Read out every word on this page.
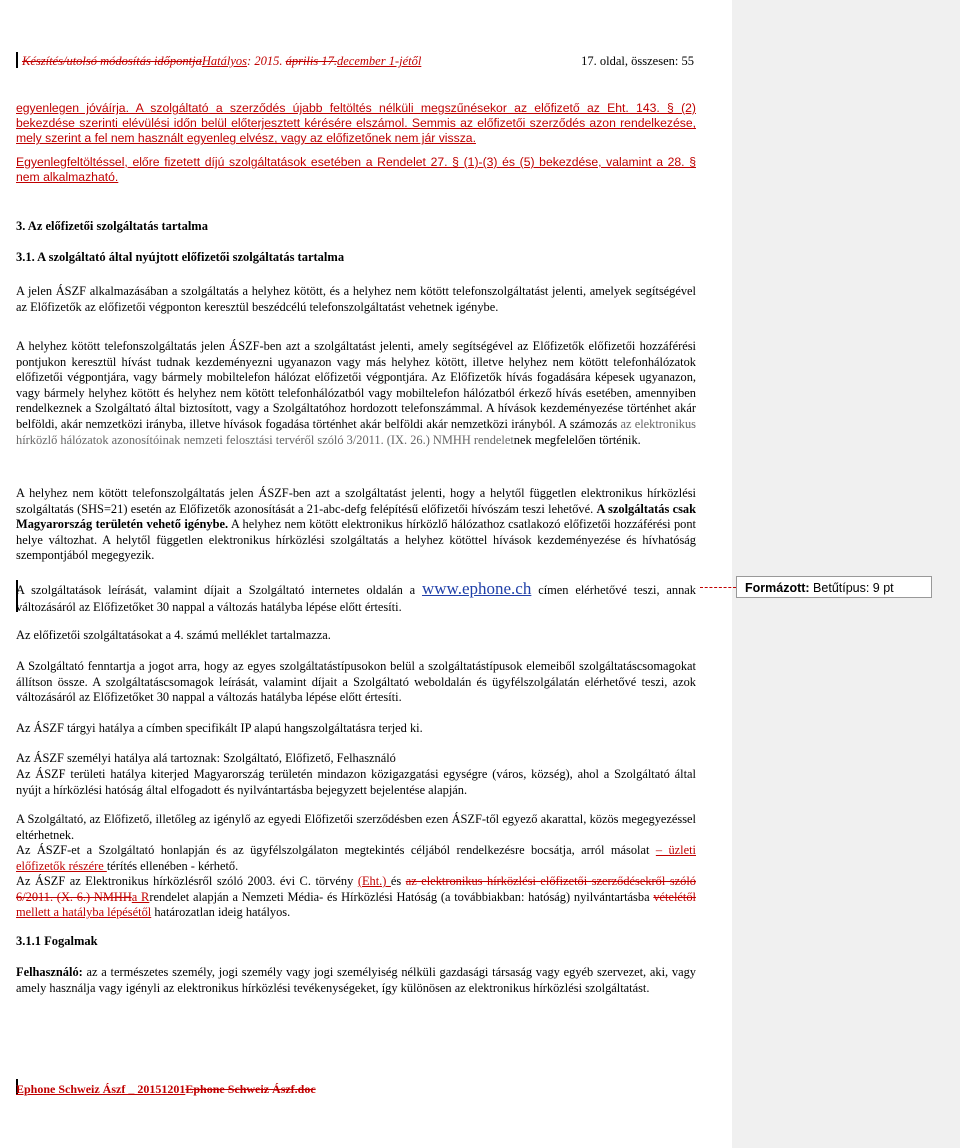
Készítés/utolsó módosítás időpontjaHatályos: 2015. április 17.december 1-jétől	17. oldal, összesen: 55
egyenlegen jóváírja. A szolgáltató a szerződés újabb feltöltés nélküli megszűnésekor az előfizető az Eht. 143. § (2) bekezdése szerinti elévülési időn belül előterjesztett kérésére elszámol. Semmis az előfizetői szerződés azon rendelkezése, mely szerint a fel nem használt egyenleg elvész, vagy az előfizetőnek nem jár vissza.
Egyenlegfeltöltéssel, előre fizetett díjú szolgáltatások esetében a Rendelet 27. § (1)-(3) és (5) bekezdése, valamint a 28. § nem alkalmazható.
3. Az előfizetői szolgáltatás tartalma
3.1. A szolgáltató által nyújtott előfizetői szolgáltatás tartalma
A jelen ÁSZF alkalmazásában a szolgáltatás a helyhez kötött, és a helyhez nem kötött telefonszolgáltatást jelenti, amelyek segítségével az Előfizetők az előfizetői végponton keresztül beszédcélú telefonszolgáltatást vehetnek igénybe.
A helyhez kötött telefonszolgáltatás jelen ÁSZF-ben azt a szolgáltatást jelenti, amely segítségével az Előfizetők előfizetői hozzáférési pontjukon keresztül hívást tudnak kezdeményezni ugyanazon vagy más helyhez kötött, illetve helyhez nem kötött telefonhálózatok előfizetői végpontjára, vagy bármely mobiltelefon hálózat előfizetői végpontjára. Az Előfizetők hívás fogadására képesek ugyanazon, vagy bármely helyhez kötött és helyhez nem kötött telefonhálózatból vagy mobiltelefon hálózatból érkező hívás esetében, amennyiben rendelkeznek a Szolgáltató által biztosított, vagy a Szolgáltatóhoz hordozott telefonszámmal. A hívások kezdeményezése történhet akár belföldi, akár nemzetközi irányba, illetve hívások fogadása történhet akár belföldi akár nemzetközi irányból. A számozás az elektronikus hírközlő hálózatok azonosítóinak nemzeti felosztási tervéről szóló 3/2011. (IX. 26.) NMHH rendeletnek megfelelően történik.
A helyhez nem kötött telefonszolgáltatás jelen ÁSZF-ben azt a szolgáltatást jelenti, hogy a helytől független elektronikus hírközlési szolgáltatás (SHS=21) esetén az Előfizetők azonosítását a 21-abc-defg felépítésű előfizetői hívószám teszi lehetővé. A szolgáltatás csak Magyarország területén vehető igénybe. A helyhez nem kötött elektronikus hírközlő hálózathoz csatlakozó előfizetői hozzáférési pont helye változhat. A helytől független elektronikus hírközlési szolgáltatás a helyhez kötöttel hívások kezdeményezése és hívhatóság szempontjából megegyezik.
A szolgáltatások leírását, valamint díjait a Szolgáltató internetes oldalán a www.ephone.ch címen elérhetővé teszi, annak változásáról az Előfizetőket 30 nappal a változás hatályba lépése előtt értesíti.
Az előfizetői szolgáltatásokat a 4. számú melléklet tartalmazza.
A Szolgáltató fenntartja a jogot arra, hogy az egyes szolgáltatástípusokon belül a szolgáltatástípusok elemeiből szolgáltatáscsomagokat állítson össze. A szolgáltatáscsomagok leírását, valamint díjait a Szolgáltató weboldalán és ügyfélszolgálatán elérhetővé teszi, azok változásáról az Előfizetőket 30 nappal a változás hatályba lépése előtt értesíti.
Az ÁSZF tárgyi hatálya a címben specifikált IP alapú hangszolgáltatásra terjed ki.
Az ÁSZF személyi hatálya alá tartoznak: Szolgáltató, Előfizető, Felhasználó
Az ÁSZF területi hatálya kiterjed Magyarország területén mindazon közigazgatási egységre (város, község), ahol a Szolgáltató által nyújt a hírközlési hatóság által elfogadott és nyilvántartásba bejegyzett bejelentése alapján.
A Szolgáltató, az Előfizető, illetőleg az igénylő az egyedi Előfizetői szerződésben ezen ÁSZF-től egyező akarattal, közös megegyezéssel eltérhetnek.
Az ÁSZF-et a Szolgáltató honlapján és az ügyfélszolgálaton megtekintés céljából rendelkezésre bocsátja, arról másolat – üzleti előfizetők részére térítés ellenében - kérhető.
Az ÁSZF az Elektronikus hírközlésről szóló 2003. évi C. törvény (Eht.) és az elektronikus hírközlési előfizetői szerződésekről szóló 6/2011. (X. 6.) NMHHa Rrendelet alapján a Nemzeti Média- és Hírközlési Hatóság (a továbbiakban: hatóság) nyilvántartásba vételétől mellett a hatályba lépésétől határozatlan ideig hatályos.
3.1.1 Fogalmak
Felhasználó: az a természetes személy, jogi személy vagy jogi személyiség nélküli gazdasági társaság vagy egyéb szervezet, aki, vagy amely használja vagy igényli az elektronikus hírközlési tevékenységeket, így különösen az elektronikus hírközlési szolgáltatást.
Ephone Schweiz Ászf _ 20151201Ephone Schweiz Ászf.doc
Formázott: Betűtípus: 9 pt
